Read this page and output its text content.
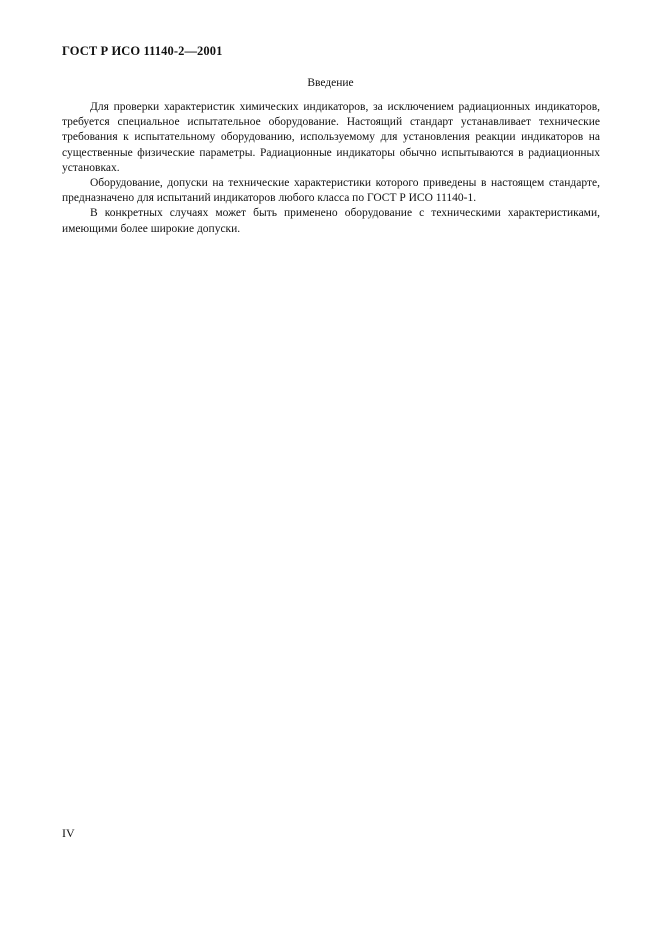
ГОСТ Р ИСО 11140-2—2001
Введение

Для проверки характеристик химических индикаторов, за исключением радиационных индикаторов, требуется специальное испытательное оборудование. Настоящий стандарт устанавливает технические требования к испытательному оборудованию, используемому для установления реакции индикаторов на существенные физические параметры. Радиационные индикаторы обычно испытываются в радиационных установках.

Оборудование, допуски на технические характеристики которого приведены в настоящем стандарте, предназначено для испытаний индикаторов любого класса по ГОСТ Р ИСО 11140-1.

В конкретных случаях может быть применено оборудование с техническими характеристиками, имеющими более широкие допуски.

IV
